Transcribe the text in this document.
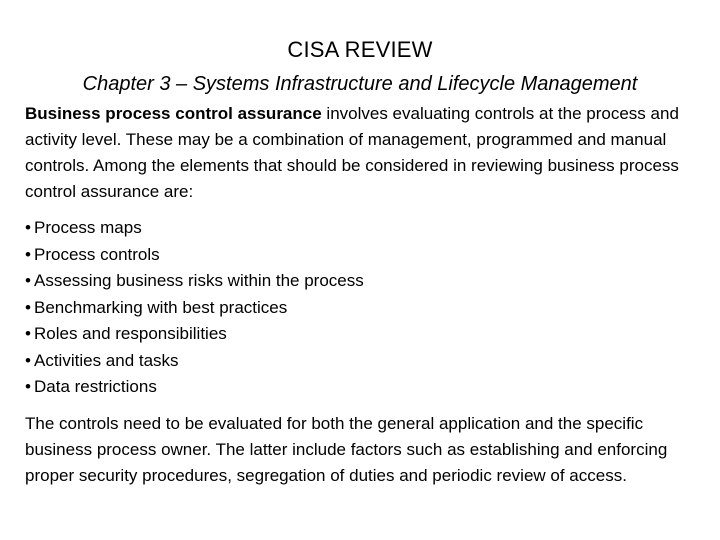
CISA REVIEW
Chapter 3 – Systems Infrastructure and Lifecycle Management

Business process control assurance involves evaluating controls at the process and activity level. These may be a combination of management, programmed and manual controls. Among the elements that should be considered in reviewing business process control assurance are:

• Process maps
• Process controls
• Assessing business risks within the process
• Benchmarking with best practices
• Roles and responsibilities
• Activities and tasks
• Data restrictions

The controls need to be evaluated for both the general application and the specific business process owner. The latter include factors such as establishing and enforcing proper security procedures, segregation of duties and periodic review of access.
